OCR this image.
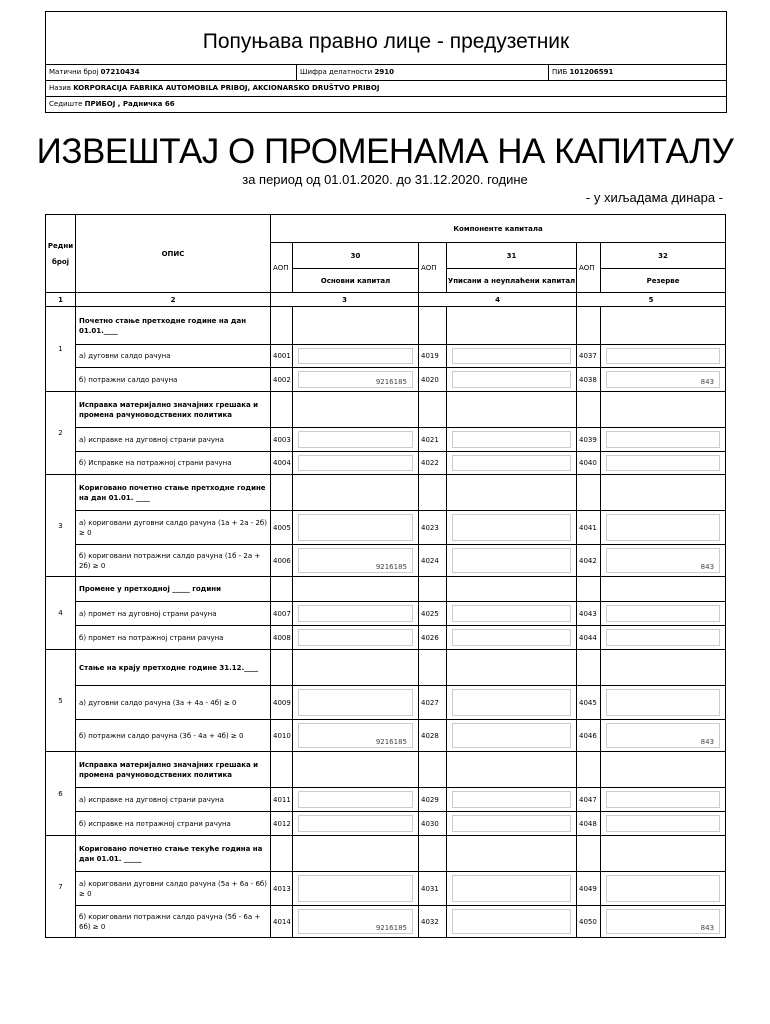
Попуњава правно лице - предузетник
Матични број 07210434	Шифра делатности 2910	ПИБ 101206591
Назив KORPORACIJA FABRIKA AUTOMOBILA PRIBOJ, AKCIONARSKO DRUŠTVO PRIBOJ
Седиште ПРИБОЈ , Радничка 66
ИЗВЕШТАЈ О ПРОМЕНАМА НА КАПИТАЛУ
за период од 01.01.2020. до 31.12.2020. године
- у хиљадама динара -
Редни

број	ОПИС	Компоненте капитала					
		АОП	30	АОП	31	АОП	32
			Основни капитал		Уписани а неуплаћени капитал		Резерве
1	2	3		4		5	
1	Почетно стање претходне године на дан 01.01.____						
	а) дуговни салдо рачуна	4001		4019		4037	

	б) потражни салдо рачуна	4002	9216185	4020		4038	843

2	Исправка материјално значајних грешака и промена рачуноводствених политика						
	а) исправке на дуговној страни рачуна	4003		4021		4039	

	б) Исправке на потражној страни рачуна	4004		4022		4040	

3	Кориговано почетно стање претходне године на дан 01.01. ____						
	а) кориговани дуговни салдо рачуна (1а + 2а - 2б) ≥ 0	4005		4023		4041	

	б) кориговани потражни салдо рачуна (1б - 2а + 2б) ≥ 0	4006	9216185	4024		4042	843

4	Промене у претходној _____ години						
	а) промет на дуговној страни рачуна	4007		4025		4043	

	б) промет на потражној страни рачуна	4008		4026		4044	

5	Стање на крају претходне године 31.12.____						
	а) дуговни салдо рачуна (3а + 4а - 4б) ≥ 0	4009		4027		4045	

	б) потражни салдо рачуна (3б - 4а + 4б) ≥ 0	4010	9216185	4028		4046	843

6	Исправка материјално значајних грешака и промена рачуноводствених политика						
	а) исправке на дуговној страни рачуна	4011		4029		4047	

	б) исправке на потражној страни рачуна	4012		4030		4048	

7	Кориговано почетно стање текуће година на дан 01.01. _____						
	а) кориговани дуговни салдо рачуна (5а + 6а - 6б) ≥ 0	4013		4031		4049	

	б) кориговани потражни салдо рачуна (5б - 6а + 6б) ≥ 0	4014	9216185	4032		4050	843
